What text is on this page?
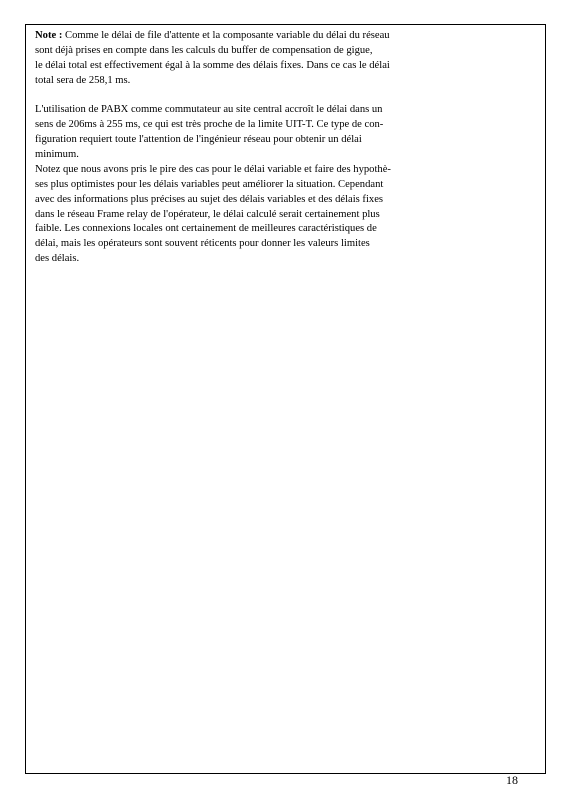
Note : Comme le délai de file d'attente et la composante variable du délai du réseau
sont déjà prises en compte dans les calculs du buffer de compensation de gigue,
le délai total est effectivement égal à la somme des délais fixes. Dans ce cas le délai
total sera de 258,1 ms.
L'utilisation de PABX comme commutateur au site central accroît le délai dans un
sens de 206ms à 255 ms, ce qui est très proche de la limite UIT-T. Ce type de con-
figuration requiert toute l'attention de l'ingénieur réseau pour obtenir un délai
minimum.
Notez que nous avons pris le pire des cas pour le délai variable et faire des hypothè-
ses plus optimistes pour les délais variables peut améliorer la situation. Cependant
avec des informations plus précises au sujet des délais variables et des délais fixes
dans le réseau Frame relay de l'opérateur, le délai calculé serait certainement plus
faible. Les connexions locales ont certainement de meilleures caractéristiques de
délai, mais les opérateurs sont souvent réticents pour donner les valeurs limites
des délais.
18
